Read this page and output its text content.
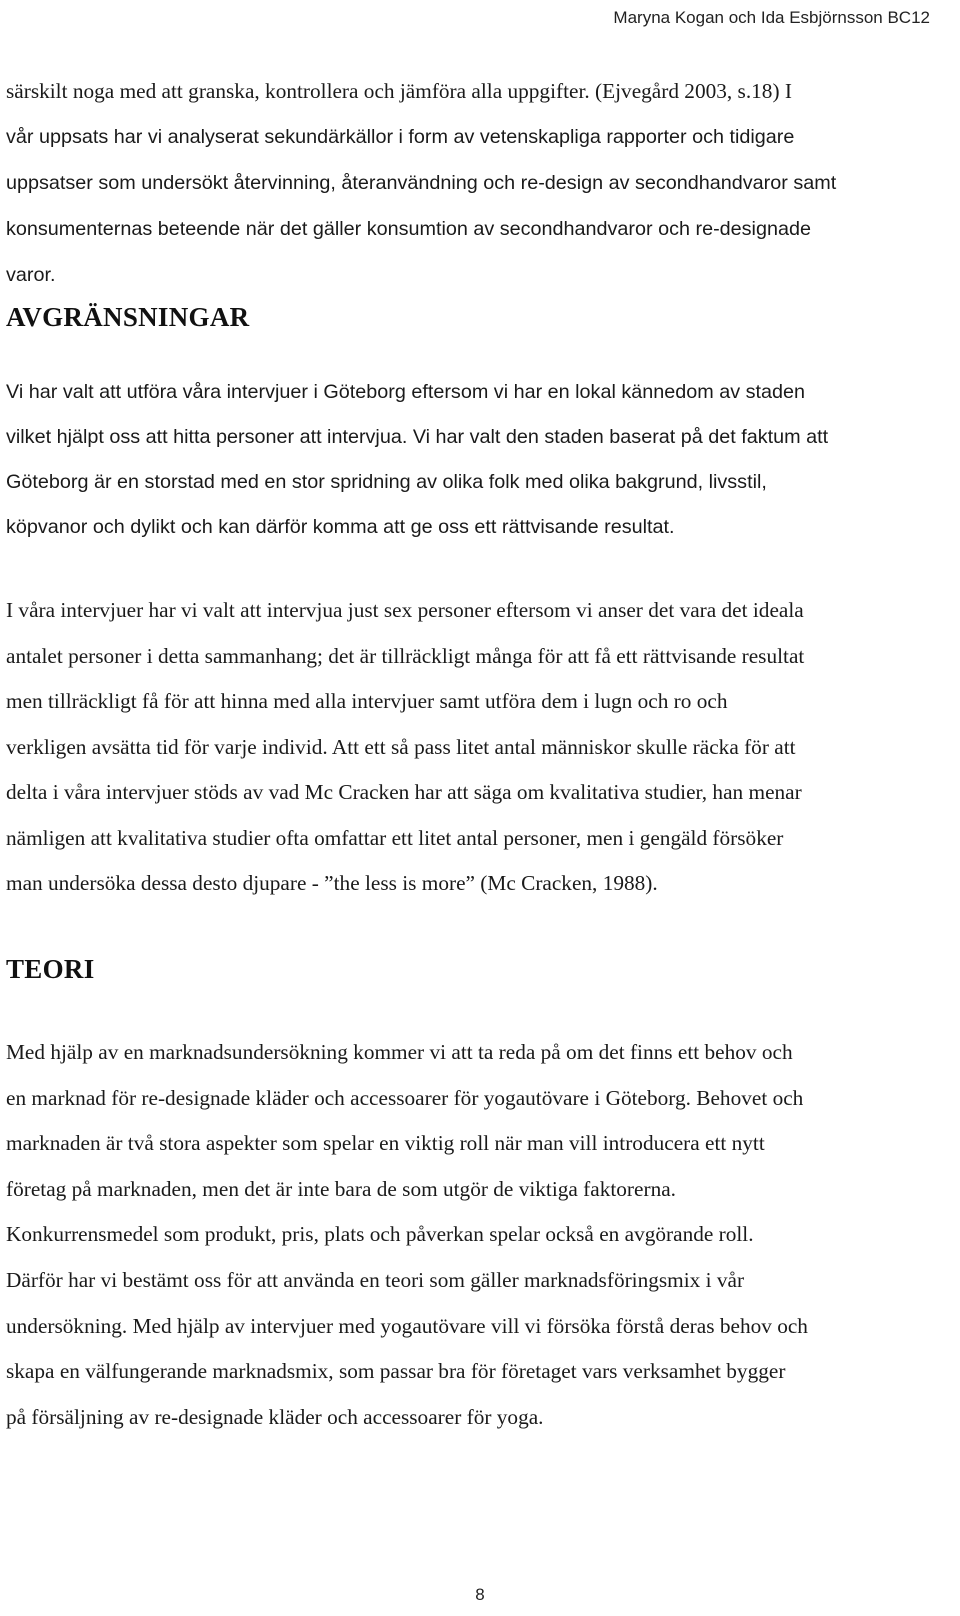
Maryna Kogan och Ida Esbjörnsson BC12
särskilt noga med att granska, kontrollera och jämföra alla uppgifter. (Ejvegård 2003, s.18) I
vår uppsats har vi analyserat sekundärkällor i form av vetenskapliga rapporter och tidigare
uppsatser som undersökt återvinning, återanvändning och re-design av secondhandvaror samt
konsumenternas beteende när det gäller konsumtion av secondhandvaror och re-designade
varor.
AVGRÄNSNINGAR
Vi har valt att utföra våra intervjuer i Göteborg eftersom vi har en lokal kännedom av staden
vilket hjälpt oss att hitta personer att intervjua. Vi har valt den staden baserat på det faktum att
Göteborg är en storstad med en stor spridning av olika folk med olika bakgrund, livsstil,
köpvanor och dylikt och kan därför komma att ge oss ett rättvisande resultat.
I våra intervjuer har vi valt att intervjua just sex personer eftersom vi anser det vara det ideala
antalet personer i detta sammanhang; det är tillräckligt många för att få ett rättvisande resultat
men tillräckligt få för att hinna med alla intervjuer samt utföra dem i lugn och ro och
verkligen avsätta tid för varje individ. Att ett så pass litet antal människor skulle räcka för att
delta i våra intervjuer stöds av vad Mc Cracken har att säga om kvalitativa studier, han menar
nämligen att kvalitativa studier ofta omfattar ett litet antal personer, men i gengäld försöker
man undersöka dessa desto djupare - ”the less is more” (Mc Cracken, 1988).
TEORI
Med hjälp av en marknadsundersökning kommer vi att ta reda på om det finns ett behov och
en marknad för re-designade kläder och accessoarer för yogautövare i Göteborg. Behovet och
marknaden är två stora aspekter som spelar en viktig roll när man vill introducera ett nytt
företag på marknaden, men det är inte bara de som utgör de viktiga faktorerna.
Konkurrensmedel som produkt, pris, plats och påverkan spelar också en avgörande roll.
Därför har vi bestämt oss för att använda en teori som gäller marknadsföringsmix i vår
undersökning. Med hjälp av intervjuer med yogautövare vill vi försöka förstå deras behov och
skapa en välfungerande marknadsmix, som passar bra för företaget vars verksamhet bygger
på försäljning av re-designade kläder och accessoarer för yoga.
8
